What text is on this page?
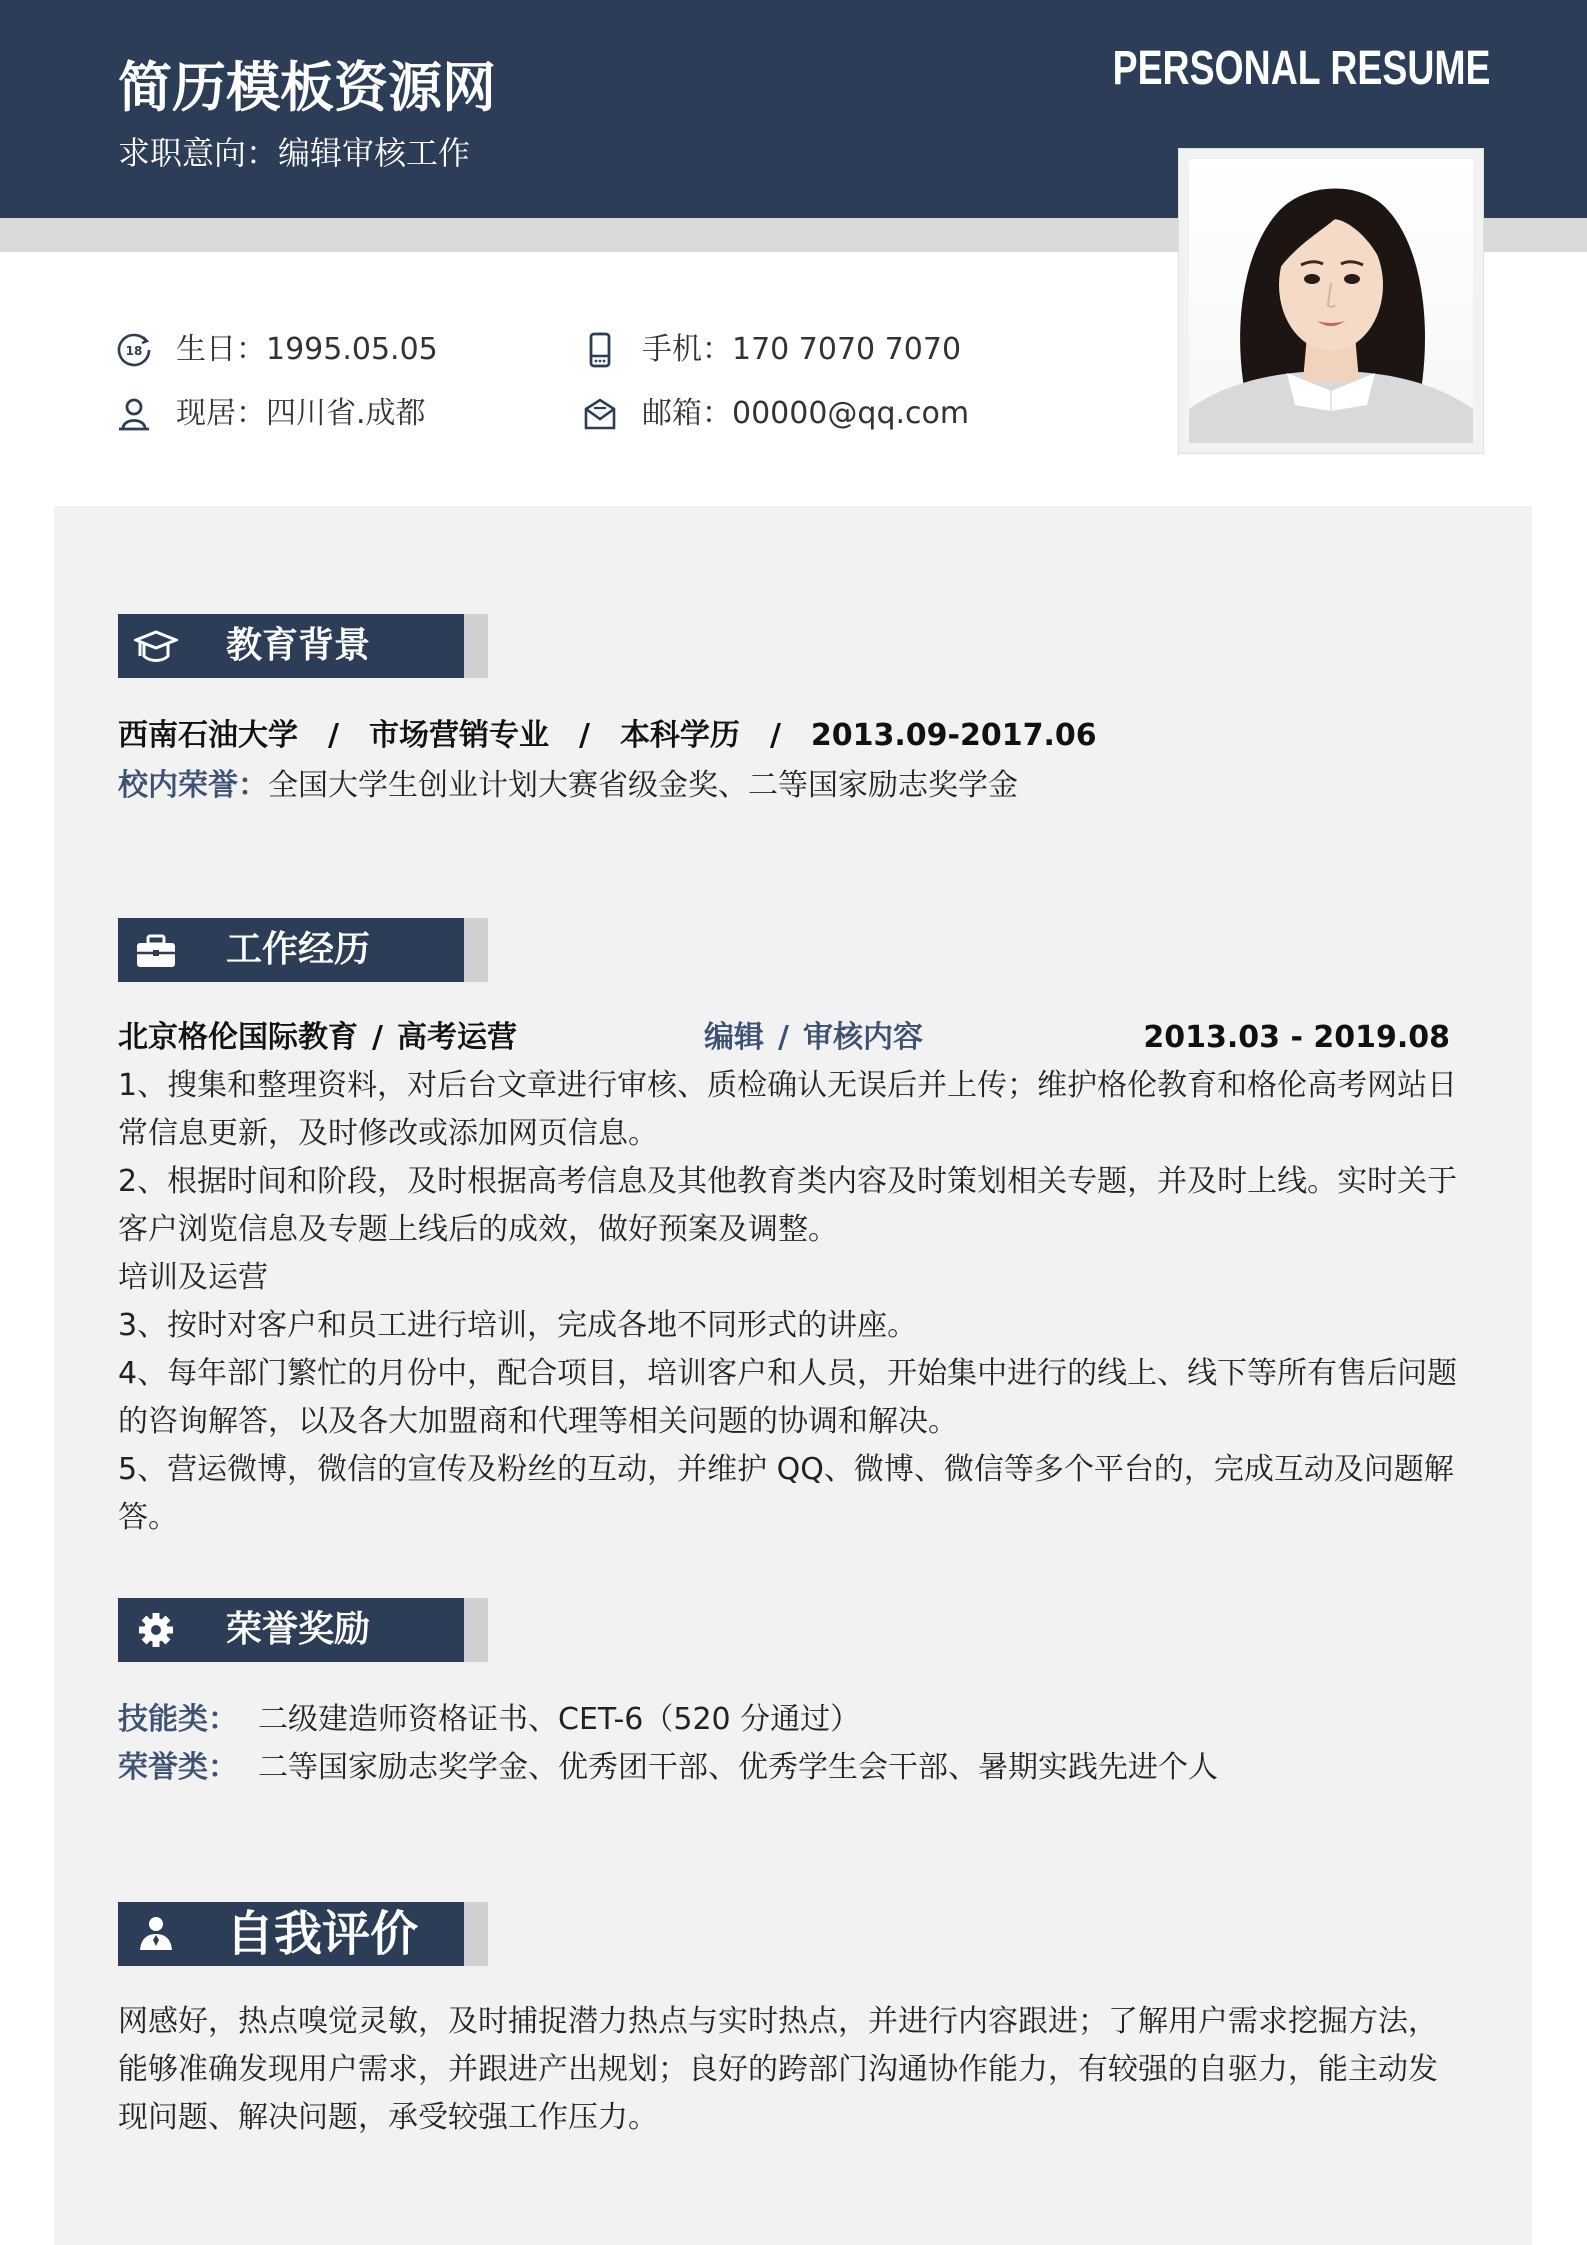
简历模板资源网
求职意向：编辑审核工作
PERSONAL RESUME
18 生日：1995.05.05
现居：四川省.成都
手机：170 7070 7070
邮箱：00000@qq.com
教育背景
西南石油大学 / 市场营销专业 / 本科学历 / 2013.09-2017.06
校内荣誉：全国大学生创业计划大赛省级金奖、二等国家励志奖学金
工作经历
北京格伦国际教育 / 高考运营	编辑 / 审核内容	2013.03 - 2019.08

1、搜集和整理资料，对后台文章进行审核、质检确认无误后并上传；维护格伦教育和格伦高考网站日常信息更新，及时修改或添加网页信息。

2、根据时间和阶段，及时根据高考信息及其他教育类内容及时策划相关专题，并及时上线。实时关于客户浏览信息及专题上线后的成效，做好预案及调整。

培训及运营

3、按时对客户和员工进行培训，完成各地不同形式的讲座。

4、每年部门繁忙的月份中，配合项目，培训客户和人员，开始集中进行的线上、线下等所有售后问题的咨询解答，以及各大加盟商和代理等相关问题的协调和解决。

5、营运微博，微信的宣传及粉丝的互动，并维护 QQ、微博、微信等多个平台的，完成互动及问题解答。

荣誉奖励
技能类： 二级建造师资格证书、CET-6（520 分通过）
荣誉类： 二等国家励志奖学金、优秀团干部、优秀学生会干部、暑期实践先进个人
自我评价
网感好，热点嗅觉灵敏，及时捕捉潜力热点与实时热点，并进行内容跟进；了解用户需求挖掘方法，能够准确发现用户需求，并跟进产出规划；良好的跨部门沟通协作能力，有较强的自驱力，能主动发现问题、解决问题，承受较强工作压力。
